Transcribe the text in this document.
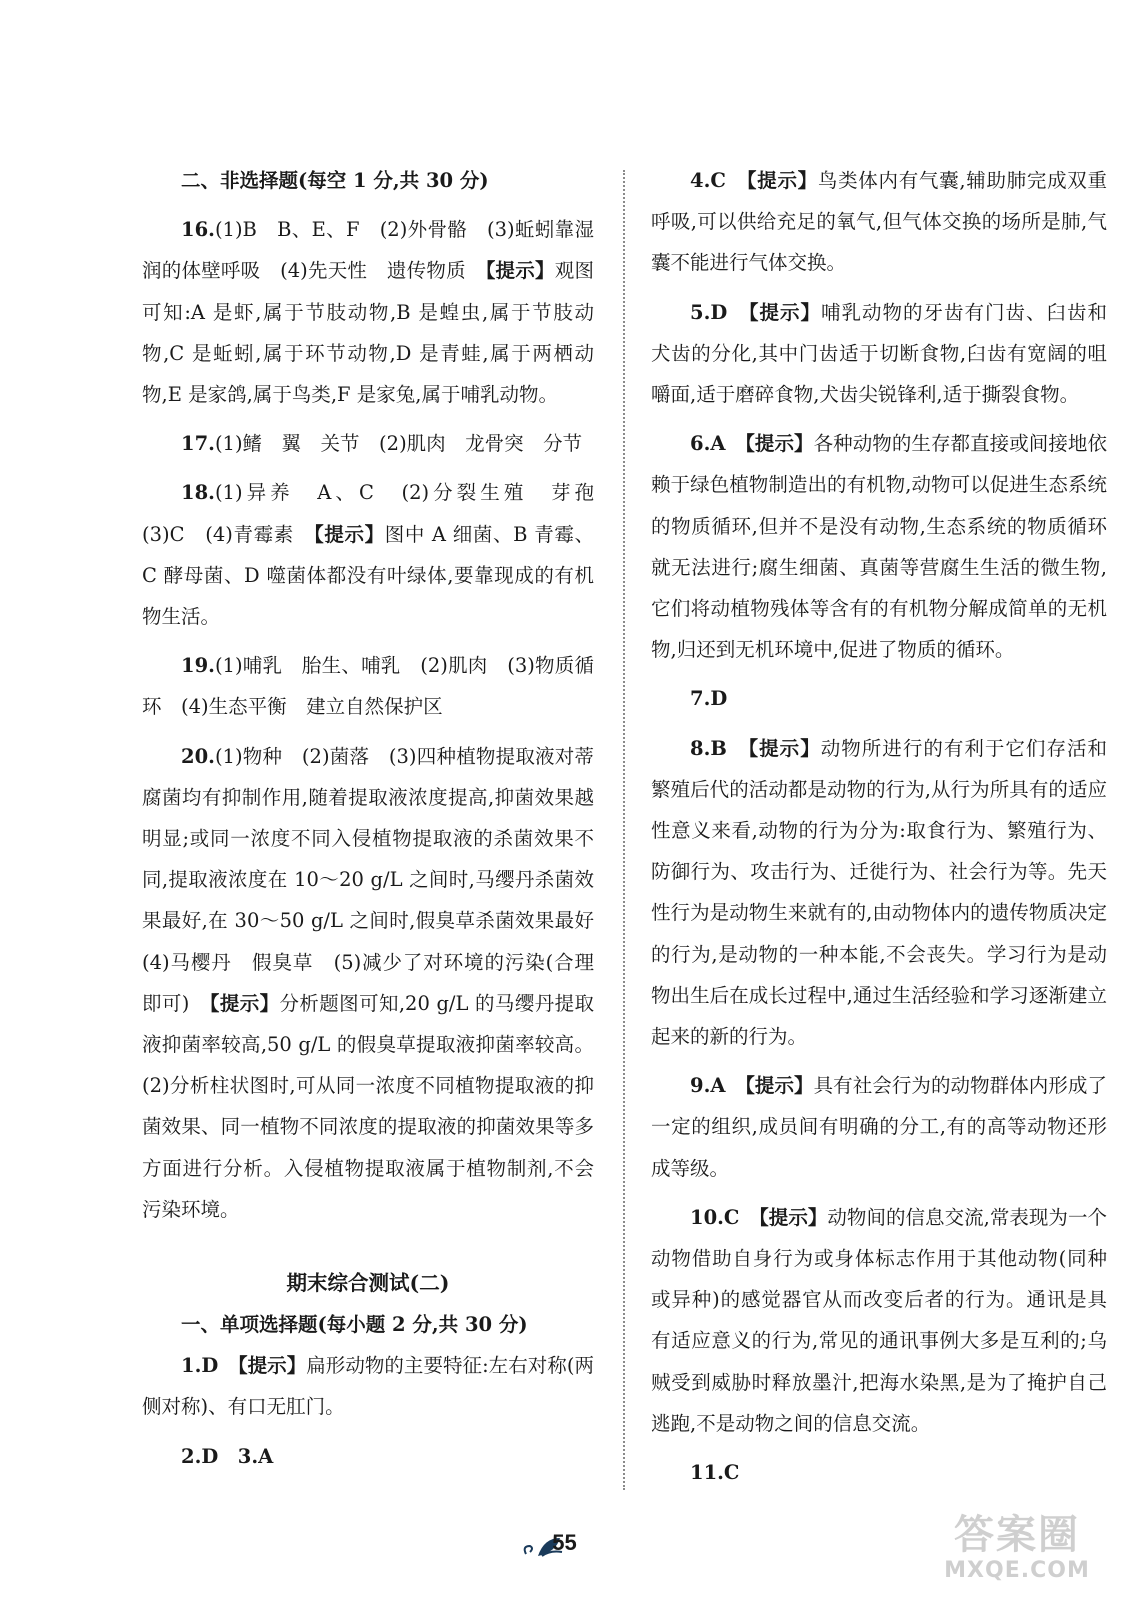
二、非选择题(每空 1 分,共 30 分)

16.(1)B　B、E、F　(2)外骨骼　(3)蚯蚓靠湿润的体壁呼吸　(4)先天性　遗传物质　【提示】观图可知:A 是虾,属于节肢动物,B 是蝗虫,属于节肢动物,C 是蚯蚓,属于环节动物,D 是青蛙,属于两栖动物,E 是家鸽,属于鸟类,F 是家兔,属于哺乳动物。

17.(1)鳍　翼　关节　(2)肌肉　龙骨突　分节

18.(1)异养　A、C　(2)分裂生殖　芽孢　(3)C　(4)青霉素　【提示】图中 A 细菌、B 青霉、C 酵母菌、D 噬菌体都没有叶绿体,要靠现成的有机物生活。

19.(1)哺乳　胎生、哺乳　(2)肌肉　(3)物质循环　(4)生态平衡　建立自然保护区

20.(1)物种　(2)菌落　(3)四种植物提取液对蒂腐菌均有抑制作用,随着提取液浓度提高,抑菌效果越明显;或同一浓度不同入侵植物提取液的杀菌效果不同,提取液浓度在 10～20 g/L 之间时,马缨丹杀菌效果最好,在 30～50 g/L 之间时,假臭草杀菌效果最好　(4)马樱丹　假臭草　(5)减少了对环境的污染(合理即可)　【提示】分析题图可知,20 g/L 的马缨丹提取液抑菌率较高,50 g/L 的假臭草提取液抑菌率较高。(2)分析柱状图时,可从同一浓度不同植物提取液的抑菌效果、同一植物不同浓度的提取液的抑菌效果等多方面进行分析。入侵植物提取液属于植物制剂,不会污染环境。

期末综合测试(二)

一、单项选择题(每小题 2 分,共 30 分)

1.D　【提示】扁形动物的主要特征:左右对称(两侧对称)、有口无肛门。

2.D　3.A

4.C　【提示】鸟类体内有气囊,辅助肺完成双重呼吸,可以供给充足的氧气,但气体交换的场所是肺,气囊不能进行气体交换。

5.D　【提示】哺乳动物的牙齿有门齿、臼齿和犬齿的分化,其中门齿适于切断食物,臼齿有宽阔的咀嚼面,适于磨碎食物,犬齿尖锐锋利,适于撕裂食物。

6.A　【提示】各种动物的生存都直接或间接地依赖于绿色植物制造出的有机物,动物可以促进生态系统的物质循环,但并不是没有动物,生态系统的物质循环就无法进行;腐生细菌、真菌等营腐生生活的微生物,它们将动植物残体等含有的有机物分解成简单的无机物,归还到无机环境中,促进了物质的循环。

7.D

8.B　【提示】动物所进行的有利于它们存活和繁殖后代的活动都是动物的行为,从行为所具有的适应性意义来看,动物的行为分为:取食行为、繁殖行为、防御行为、攻击行为、迁徙行为、社会行为等。先天性行为是动物生来就有的,由动物体内的遗传物质决定的行为,是动物的一种本能,不会丧失。学习行为是动物出生后在成长过程中,通过生活经验和学习逐渐建立起来的新的行为。

9.A　【提示】具有社会行为的动物群体内形成了一定的组织,成员间有明确的分工,有的高等动物还形成等级。

10.C　【提示】动物间的信息交流,常表现为一个动物借助自身行为或身体标志作用于其他动物(同种或异种)的感觉器官从而改变后者的行为。通讯是具有适应意义的行为,常见的通讯事例大多是互利的;乌贼受到威胁时释放墨汁,把海水染黑,是为了掩护自己逃跑,不是动物之间的信息交流。

11.C

55	答案圈
MXQE.COM
